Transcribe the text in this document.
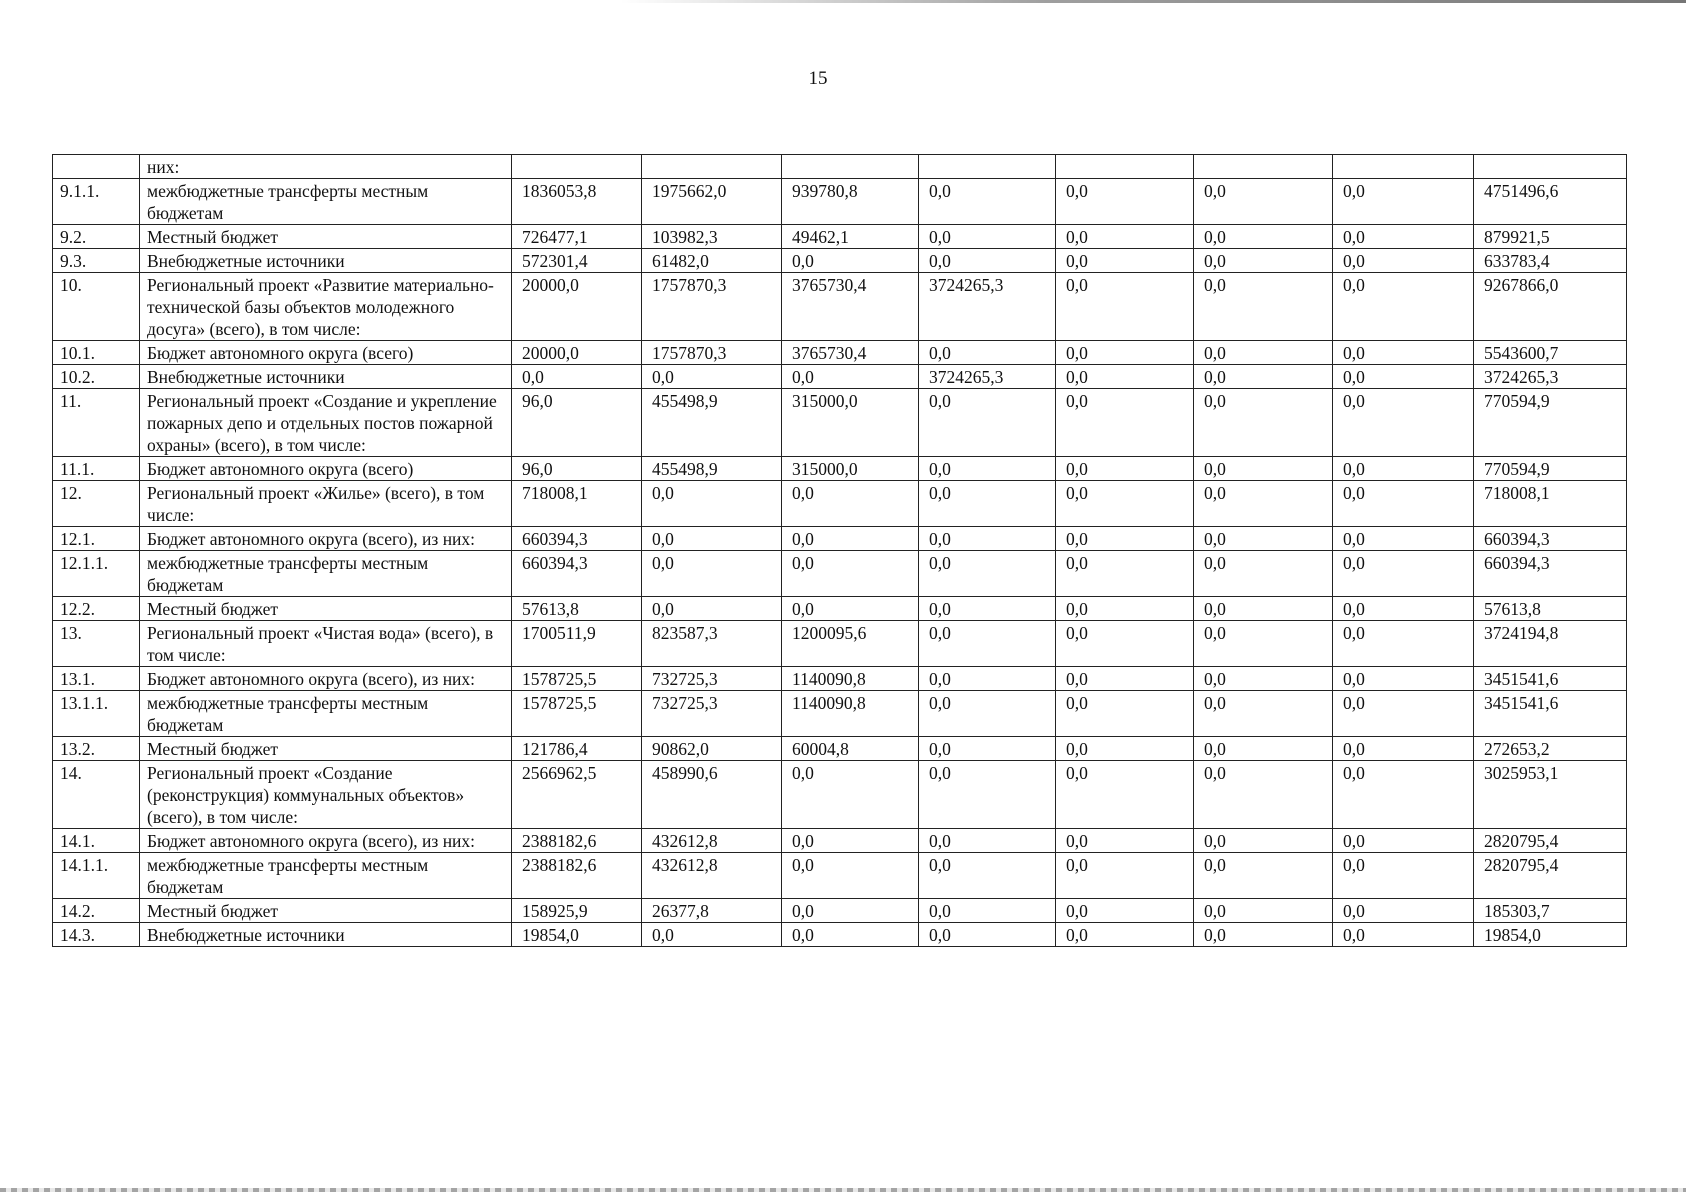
15
	них:								
9.1.1.	межбюджетные трансферты местным бюджетам	1836053,8	1975662,0	939780,8	0,0	0,0	0,0	0,0	4751496,6
9.2.	Местный бюджет	726477,1	103982,3	49462,1	0,0	0,0	0,0	0,0	879921,5
9.3.	Внебюджетные источники	572301,4	61482,0	0,0	0,0	0,0	0,0	0,0	633783,4
10.	Региональный проект «Развитие материально-технической базы объектов молодежного досуга» (всего), в том числе:	20000,0	1757870,3	3765730,4	3724265,3	0,0	0,0	0,0	9267866,0
10.1.	Бюджет автономного округа (всего)	20000,0	1757870,3	3765730,4	0,0	0,0	0,0	0,0	5543600,7
10.2.	Внебюджетные источники	0,0	0,0	0,0	3724265,3	0,0	0,0	0,0	3724265,3
11.	Региональный проект «Создание и укрепление пожарных депо и отдельных постов пожарной охраны» (всего), в том числе:	96,0	455498,9	315000,0	0,0	0,0	0,0	0,0	770594,9
11.1.	Бюджет автономного округа (всего)	96,0	455498,9	315000,0	0,0	0,0	0,0	0,0	770594,9
12.	Региональный проект «Жилье» (всего), в том числе:	718008,1	0,0	0,0	0,0	0,0	0,0	0,0	718008,1
12.1.	Бюджет автономного округа (всего), из них:	660394,3	0,0	0,0	0,0	0,0	0,0	0,0	660394,3
12.1.1.	межбюджетные трансферты местным бюджетам	660394,3	0,0	0,0	0,0	0,0	0,0	0,0	660394,3
12.2.	Местный бюджет	57613,8	0,0	0,0	0,0	0,0	0,0	0,0	57613,8
13.	Региональный проект «Чистая вода» (всего), в том числе:	1700511,9	823587,3	1200095,6	0,0	0,0	0,0	0,0	3724194,8
13.1.	Бюджет автономного округа (всего), из них:	1578725,5	732725,3	1140090,8	0,0	0,0	0,0	0,0	3451541,6
13.1.1.	межбюджетные трансферты местным бюджетам	1578725,5	732725,3	1140090,8	0,0	0,0	0,0	0,0	3451541,6
13.2.	Местный бюджет	121786,4	90862,0	60004,8	0,0	0,0	0,0	0,0	272653,2
14.	Региональный проект «Создание (реконструкция) коммунальных объектов» (всего), в том числе:	2566962,5	458990,6	0,0	0,0	0,0	0,0	0,0	3025953,1
14.1.	Бюджет автономного округа (всего), из них:	2388182,6	432612,8	0,0	0,0	0,0	0,0	0,0	2820795,4
14.1.1.	межбюджетные трансферты местным бюджетам	2388182,6	432612,8	0,0	0,0	0,0	0,0	0,0	2820795,4
14.2.	Местный бюджет	158925,9	26377,8	0,0	0,0	0,0	0,0	0,0	185303,7
14.3.	Внебюджетные источники	19854,0	0,0	0,0	0,0	0,0	0,0	0,0	19854,0
